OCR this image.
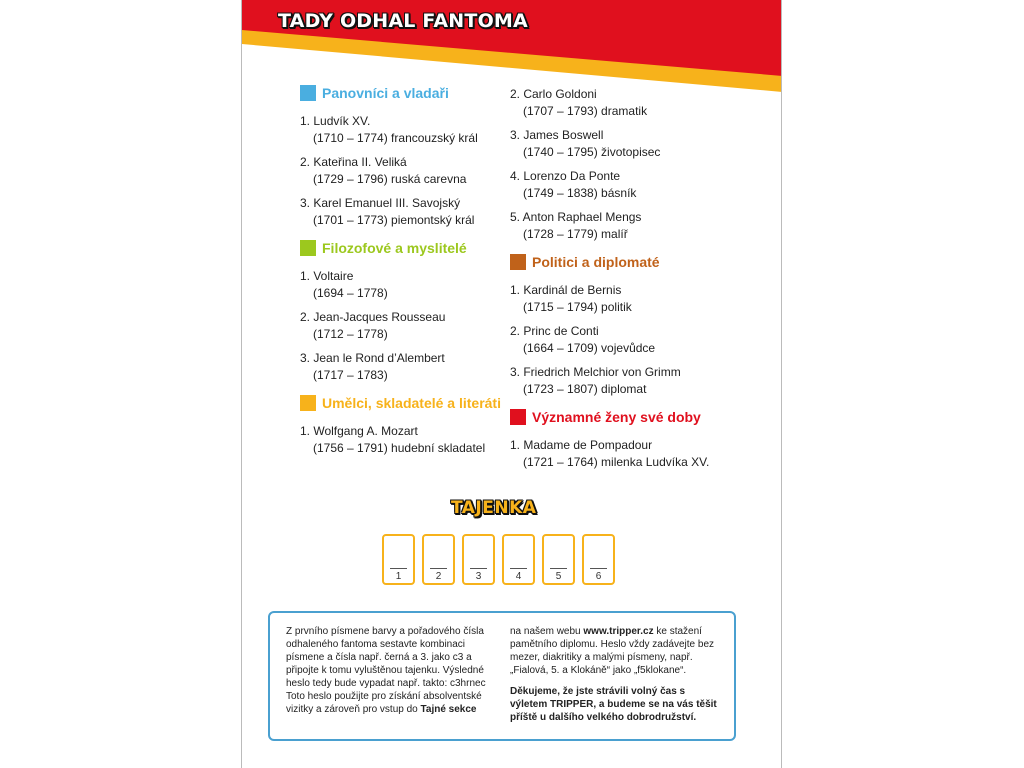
TADY ODHAL FANTOMA
Panovníci a vladaři
1. Ludvík XV.
(1710 – 1774) francouzský král
2. Kateřina II. Veliká
(1729 – 1796) ruská carevna
3. Karel Emanuel III. Savojský
(1701 – 1773) piemontský král
Filozofové a myslitelé
1. Voltaire
(1694 – 1778)
2. Jean-Jacques Rousseau
(1712 – 1778)
3. Jean le Rond d’Alembert
(1717 – 1783)
Umělci, skladatelé a literáti
1. Wolfgang A. Mozart
(1756 – 1791) hudební skladatel
2. Carlo Goldoni
(1707 – 1793) dramatik
3. James Boswell
(1740 – 1795) životopisec
4. Lorenzo Da Ponte
(1749 – 1838) básník
5. Anton Raphael Mengs
(1728 – 1779) malíř
Politici a diplomaté
1. Kardinál de Bernis
(1715 – 1794) politik
2. Princ de Conti
(1664 – 1709) vojevůdce
3. Friedrich Melchior von Grimm
(1723 – 1807) diplomat
Významné ženy své doby
1. Madame de Pompadour
(1721 – 1764) milenka Ludvíka XV.
TAJENKA
1	2	3	4	5	6

Z prvního písmene barvy a pořadového čísla odhaleného fantoma sestavte kombinaci písmene a čísla např. černá a 3. jako c3 a připojte k tomu vyluštěnou tajenku. Výsledné heslo tedy bude vypadat např. takto: c3hrnec Toto heslo použijte pro získání absolventské vizitky a zároveň pro vstup do Tajné sekce

na našem webu www.tripper.cz ke stažení pamětního diplomu. Heslo vždy zadávejte bez mezer, diakritiky a malými písmeny, např. „Fialová, 5. a Klokáně“ jako „f5klokane“.

Děkujeme, že jste strávili volný čas s výletem TRIPPER, a budeme se na vás těšit příště u dalšího velkého dobrodružství.
